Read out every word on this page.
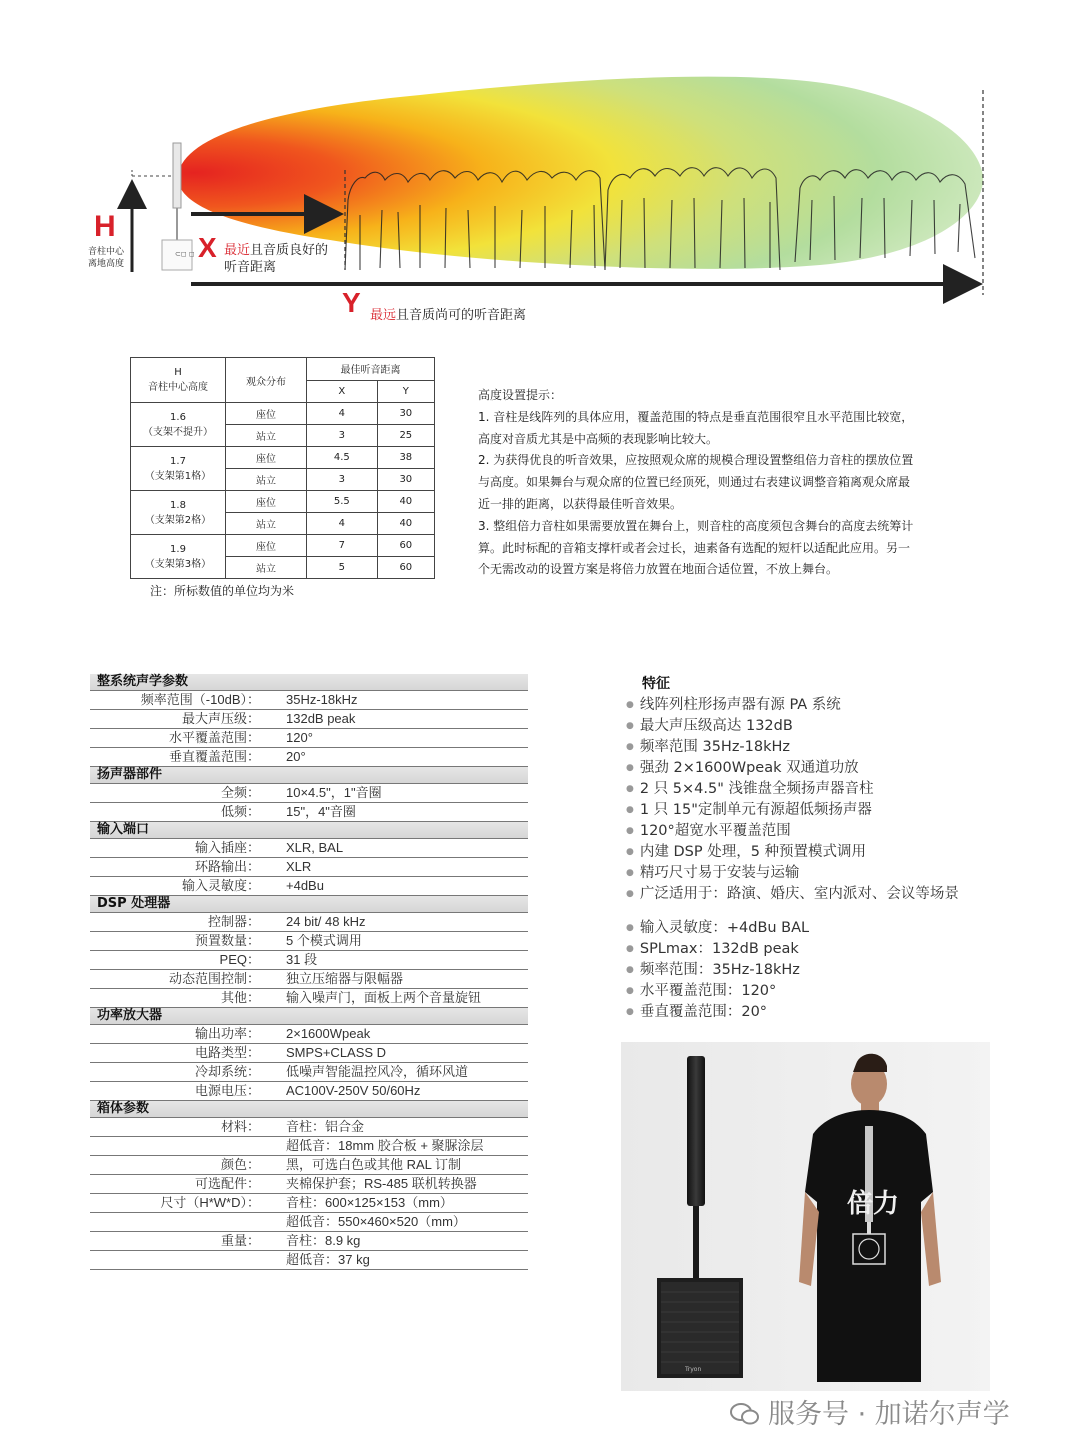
H
音柱中心
离地高度
⊂◻ ◻ X 最近且音质良好的
听音距离
Y 最远且音质尚可的听音距离
H
音柱中心高度	观众分布	最佳听音距离	
		X	Y

1.6
（支架不提升）	座位	4	30
	站立	3	25

1.7
（支架第1格）	座位	4.5	38
	站立	3	30

1.8
（支架第2格）	座位	5.5	40
	站立	4	40

1.9
（支架第3格）	座位	7	60
	站立	5	60
注：所标数值的单位均为米

高度设置提示：

1. 音柱是线阵列的具体应用，覆盖范围的特点是垂直范围很窄且水平范围比较宽，

高度对音质尤其是中高频的表现影响比较大。

2. 为获得优良的听音效果，应按照观众席的规模合理设置整组倍力音柱的摆放位置

与高度。如果舞台与观众席的位置已经顶死，则通过右表建议调整音箱离观众席最

近一排的距离，以获得最佳听音效果。

3. 整组倍力音柱如果需要放置在舞台上，则音柱的高度须包含舞台的高度去统筹计

算。此时标配的音箱支撑杆或者会过长，迪素备有选配的短杆以适配此应用。另一

个无需改动的设置方案是将倍力放置在地面合适位置，不放上舞台。

整系统声学参数
频率范围（-10dB）：	35Hz-18kHz
最大声压级：	132dB peak
水平覆盖范围：	120°
垂直覆盖范围：	20°
扬声器部件
全频：	10×4.5"，1"音圈
低频：	15"，4"音圈
输入端口
输入插座：	XLR, BAL
环路输出：	XLR
输入灵敏度：	+4dBu
DSP 处理器
控制器：	24 bit/ 48 kHz
预置数量：	5 个模式调用
PEQ：	31 段
动态范围控制：	独立压缩器与限幅器
其他：	输入噪声门，面板上两个音量旋钮
功率放大器
输出功率：	2×1600Wpeak
电路类型：	SMPS+CLASS D
冷却系统：	低噪声智能温控风冷，循环风道
电源电压：	AC100V-250V 50/60Hz
箱体参数
材料：	音柱：铝合金
超低音：18mm 胶合板 + 聚脲涂层
颜色：	黑，可选白色或其他 RAL 订制
可选配件：	夹棉保护套；RS-485 联机转换器
尺寸（H*W*D）：	音柱：600×125×153（mm）
超低音：550×460×520（mm）
重量：	音柱：8.9 kg
超低音：37 kg
特征
● 线阵列柱形扬声器有源 PA 系统
● 最大声压级高达 132dB
● 频率范围 35Hz-18kHz
● 强劲 2×1600Wpeak 双通道功放
● 2 只 5×4.5" 浅锥盘全频扬声器音柱
● 1 只 15"定制单元有源超低频扬声器
● 120°超宽水平覆盖范围
● 内建 DSP 处理，5 种预置模式调用
● 精巧尺寸易于安装与运输
● 广泛适用于：路演、婚庆、室内派对、会议等场景
● 输入灵敏度：+4dBu BAL
● SPLmax：132dB peak
● 频率范围：35Hz-18kHz
● 水平覆盖范围：120°
● 垂直覆盖范围：20°
Tryon
倍力
服务号 · 加诺尔声学
